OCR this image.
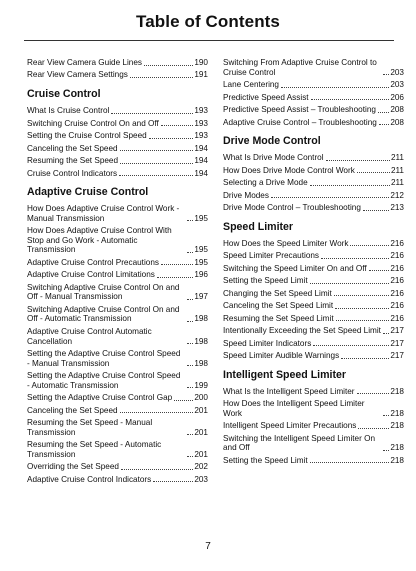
Table of Contents
Rear View Camera Guide Lines	190
Rear View Camera Settings	191
Cruise Control
What Is Cruise Control	193
Switching Cruise Control On and Off	193
Setting the Cruise Control Speed	193
Canceling the Set Speed	194
Resuming the Set Speed	194
Cruise Control Indicators	194
Adaptive Cruise Control
How Does Adaptive Cruise Control Work - Manual Transmission	195
How Does Adaptive Cruise Control With Stop and Go Work - Automatic Transmission	195
Adaptive Cruise Control Precautions	195
Adaptive Cruise Control Limitations	196
Switching Adaptive Cruise Control On and Off - Manual Transmission	197
Switching Adaptive Cruise Control On and Off - Automatic Transmission	198
Adaptive Cruise Control Automatic Cancellation	198
Setting the Adaptive Cruise Control Speed - Manual Transmission	198
Setting the Adaptive Cruise Control Speed - Automatic Transmission	199
Setting the Adaptive Cruise Control Gap	200
Canceling the Set Speed	201
Resuming the Set Speed - Manual Transmission	201
Resuming the Set Speed - Automatic Transmission	201
Overriding the Set Speed	202
Adaptive Cruise Control Indicators	203
Switching From Adaptive Cruise Control to Cruise Control	203
Lane Centering	203
Predictive Speed Assist	206
Predictive Speed Assist – Troubleshooting 208
Adaptive Cruise Control – Troubleshooting 208
Drive Mode Control
What Is Drive Mode Control	211
How Does Drive Mode Control Work	211
Selecting a Drive Mode	211
Drive Modes	212
Drive Mode Control – Troubleshooting	213
Speed Limiter
How Does the Speed Limiter Work	216
Speed Limiter Precautions	216
Switching the Speed Limiter On and Off	216
Setting the Speed Limit	216
Changing the Set Speed Limit	216
Canceling the Set Speed Limit	216
Resuming the Set Speed Limit	216
Intentionally Exceeding the Set Speed Limit 217
Speed Limiter Indicators	217
Speed Limiter Audible Warnings	217
Intelligent Speed Limiter
What Is the Intelligent Speed Limiter	218
How Does the Intelligent Speed Limiter Work	218
Intelligent Speed Limiter Precautions	218
Switching the Intelligent Speed Limiter On and Off	218
Setting the Speed Limit	218
7
